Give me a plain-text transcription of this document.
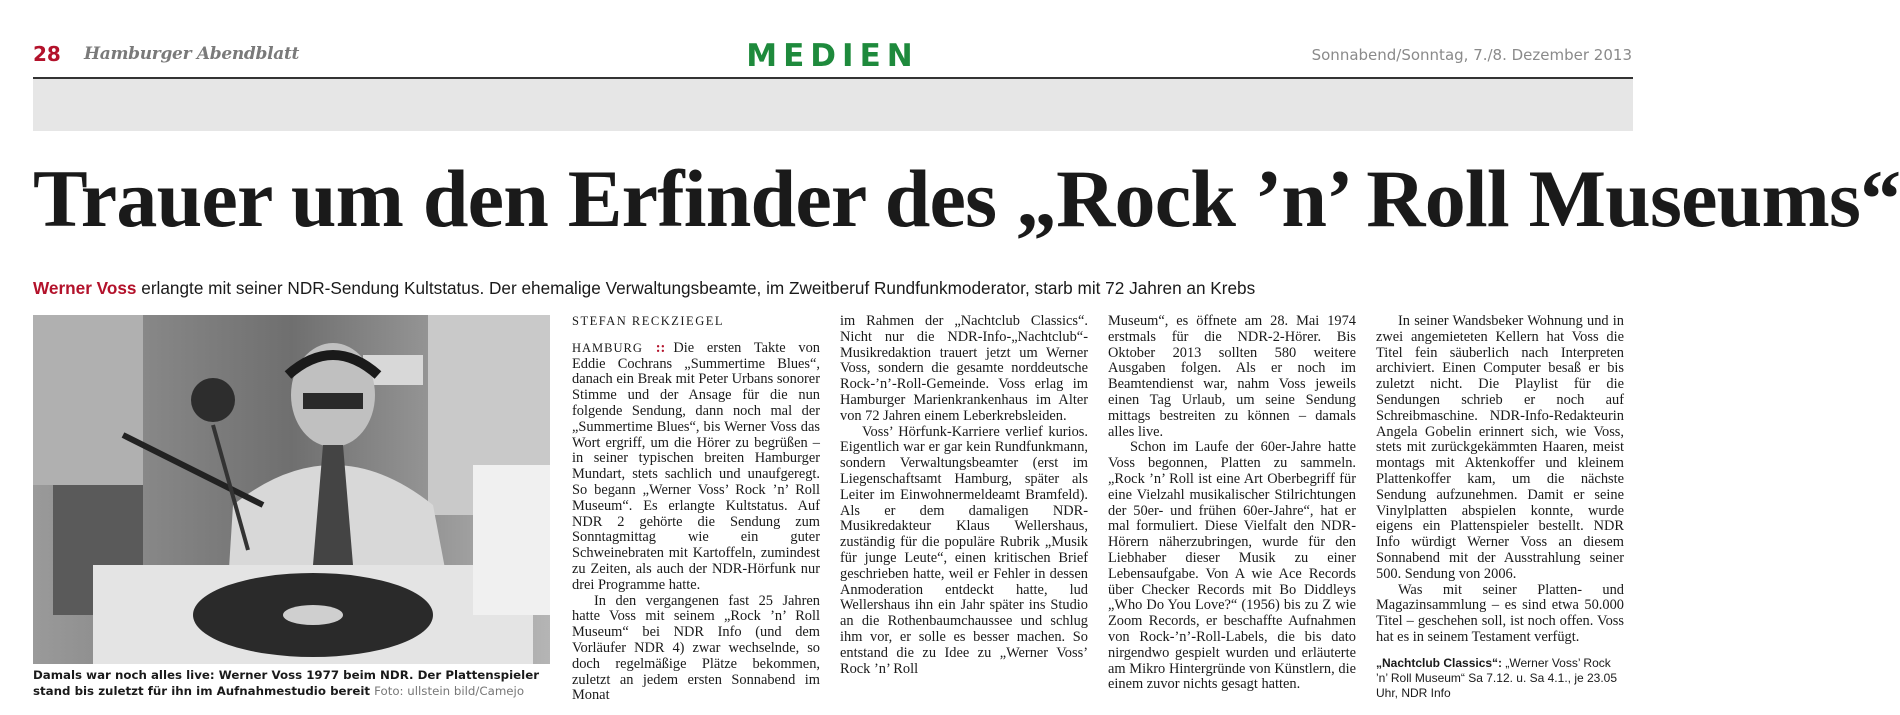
28 Hamburger Abendblatt	MEDIEN	Sonnabend/Sonntag, 7./8. Dezember 2013
Trauer um den Erfinder des „Rock ’n’ Roll Museums“
Werner Voss erlangte mit seiner NDR-Sendung Kultstatus. Der ehemalige Verwaltungsbeamte, im Zweitberuf Rundfunkmoderator, starb mit 72 Jahren an Krebs
Damals war noch alles live: Werner Voss 1977 beim NDR. Der Plattenspieler stand bis zuletzt für ihn im Aufnahmestudio bereit Foto: ullstein bild/Camejo
STEFAN RECKZIEGEL

HAMBURG :: Die ersten Takte von Eddie Cochrans „Summertime Blues“, danach ein Break mit Peter Urbans sonorer Stimme und der Ansage für die nun folgende Sendung, dann noch mal der „Summertime Blues“, bis Werner Voss das Wort ergriff, um die Hörer zu begrüßen – in seiner typischen breiten Hamburger Mundart, stets sachlich und unaufgeregt. So begann „Werner Voss’ Rock ’n’ Roll Museum“. Es erlangte Kultstatus. Auf NDR 2 gehörte die Sendung zum Sonntagmittag wie ein guter Schweinebraten mit Kartoffeln, zumindest zu Zeiten, als auch der NDR-Hörfunk nur drei Programme hatte.

In den vergangenen fast 25 Jahren hatte Voss mit seinem „Rock ’n’ Roll Museum“ bei NDR Info (und dem Vorläufer NDR 4) zwar wechselnde, so doch regelmäßige Plätze bekommen, zuletzt an jedem ersten Sonnabend im Monat

im Rahmen der „Nachtclub Classics“. Nicht nur die NDR-Info-„Nachtclub“-Musikredaktion trauert jetzt um Werner Voss, sondern die gesamte norddeutsche Rock-’n’-Roll-Gemeinde. Voss erlag im Hamburger Marienkrankenhaus im Alter von 72 Jahren einem Leberkrebsleiden.

Voss’ Hörfunk-Karriere verlief kurios. Eigentlich war er gar kein Rundfunkmann, sondern Verwaltungsbeamter (erst im Liegenschaftsamt Hamburg, später als Leiter im Einwohnermeldeamt Bramfeld). Als er dem damaligen NDR-Musikredakteur Klaus Wellershaus, zuständig für die populäre Rubrik „Musik für junge Leute“, einen kritischen Brief geschrieben hatte, weil er Fehler in dessen Anmoderation entdeckt hatte, lud Wellershaus ihn ein Jahr später ins Studio an die Rothenbaumchaussee und schlug ihm vor, er solle es besser machen. So entstand die zu Idee zu „Werner Voss’ Rock ’n’ Roll

Museum“, es öffnete am 28. Mai 1974 erstmals für die NDR-2-Hörer. Bis Oktober 2013 sollten 580 weitere Ausgaben folgen. Als er noch im Beamtendienst war, nahm Voss jeweils einen Tag Urlaub, um seine Sendung mittags bestreiten zu können – damals alles live.

Schon im Laufe der 60er-Jahre hatte Voss begonnen, Platten zu sammeln. „Rock ’n’ Roll ist eine Art Oberbegriff für eine Vielzahl musikalischer Stilrichtungen der 50er- und frühen 60er-Jahre“, hat er mal formuliert. Diese Vielfalt den NDR-Hörern näherzubringen, wurde für den Liebhaber dieser Musik zu einer Lebensaufgabe. Von A wie Ace Records über Checker Records mit Bo Diddleys „Who Do You Love?“ (1956) bis zu Z wie Zoom Records, er beschaffte Aufnahmen von Rock-’n’-Roll-Labels, die bis dato nirgendwo gespielt wurden und erläuterte am Mikro Hintergründe von Künstlern, die einem zuvor nichts gesagt hatten.

In seiner Wandsbeker Wohnung und in zwei angemieteten Kellern hat Voss die Titel fein säuberlich nach Interpreten archiviert. Einen Computer besaß er bis zuletzt nicht. Die Playlist für die Sendungen schrieb er noch auf Schreibmaschine. NDR-Info-Redakteurin Angela Gobelin erinnert sich, wie Voss, stets mit zurückgekämmten Haaren, meist montags mit Aktenkoffer und kleinem Plattenkoffer kam, um die nächste Sendung aufzunehmen. Damit er seine Vinylplatten abspielen konnte, wurde eigens ein Plattenspieler bestellt. NDR Info würdigt Werner Voss an diesem Sonnabend mit der Ausstrahlung seiner 500. Sendung von 2006.

Was mit seiner Platten- und Magazinsammlung – es sind etwa 50.000 Titel – geschehen soll, ist noch offen. Voss hat es in seinem Testament verfügt.

„Nachtclub Classics“: „Werner Voss’ Rock ’n’ Roll Museum“ Sa 7.12. u. Sa 4.1., je 23.05 Uhr, NDR Info
